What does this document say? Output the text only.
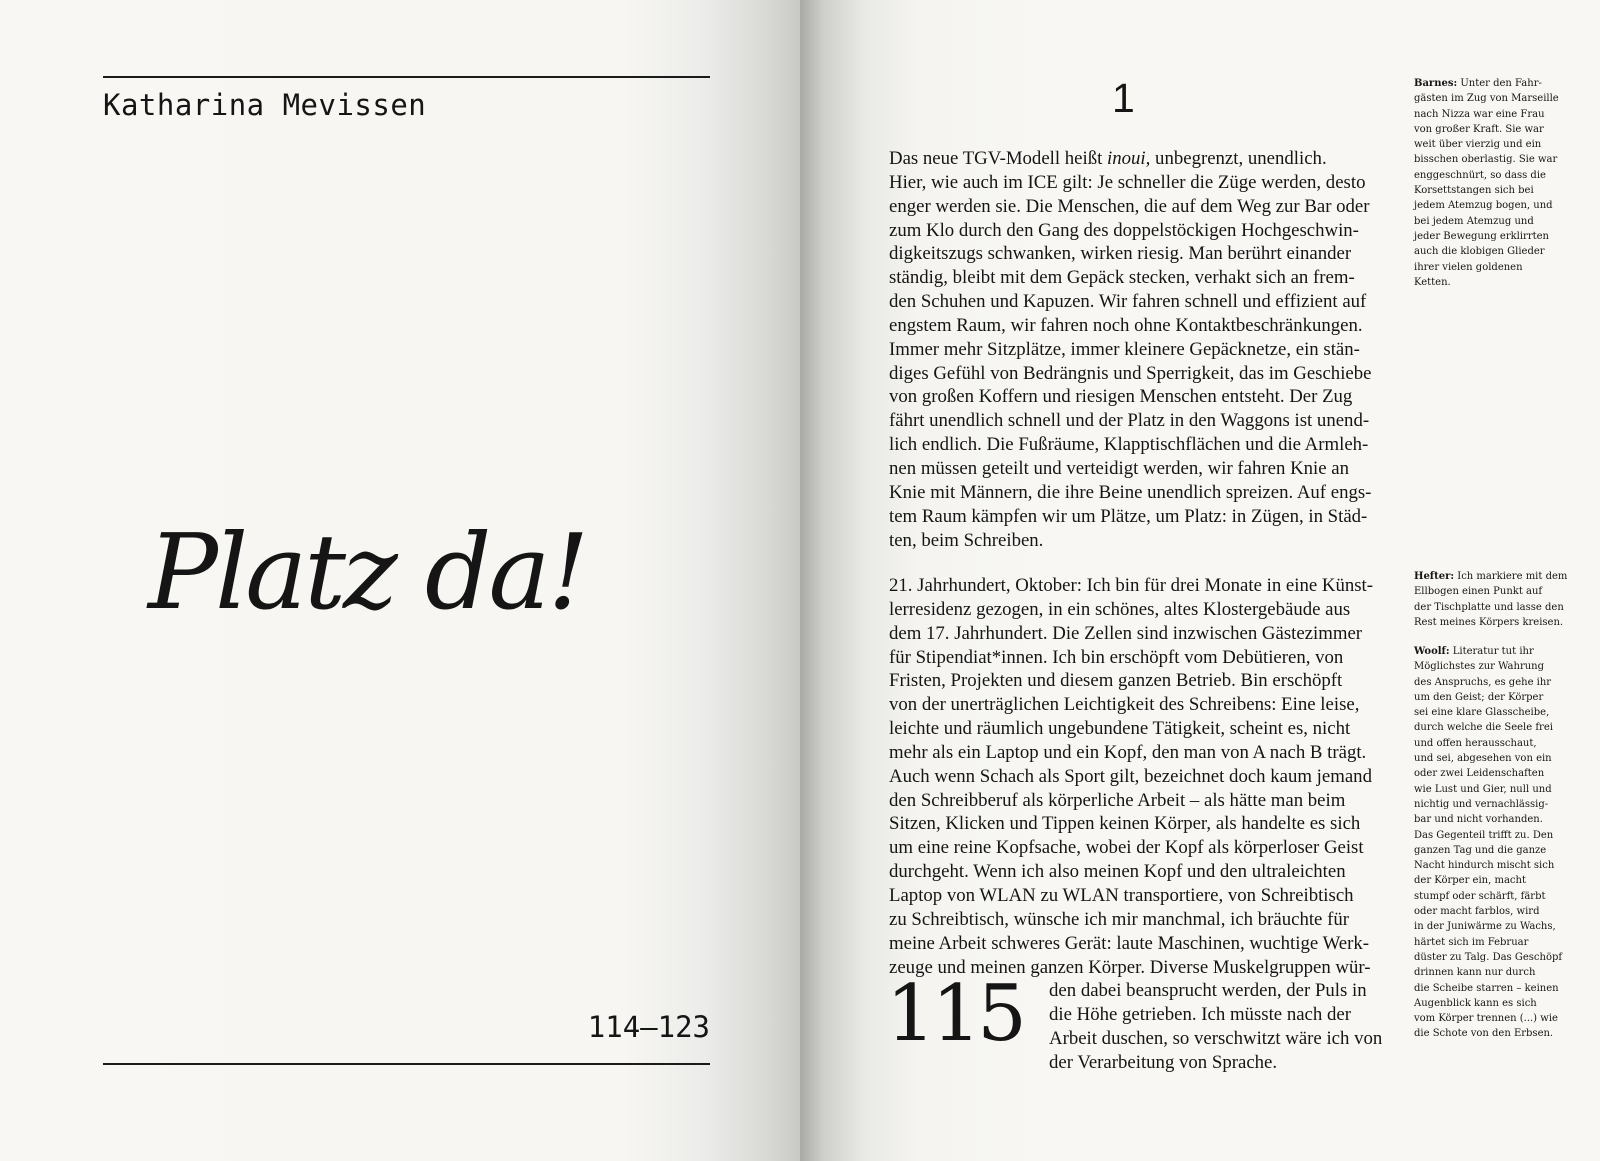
Katharina Mevissen
Platz da!
114–123
1
Das neue TGV-Modell heißt inoui, unbegrenzt, unendlich.
Hier, wie auch im ICE gilt: Je schneller die Züge werden, desto
enger werden sie. Die Menschen, die auf dem Weg zur Bar oder
zum Klo durch den Gang des doppelstöckigen Hochgeschwin-
digkeitszugs schwanken, wirken riesig. Man berührt einander
ständig, bleibt mit dem Gepäck stecken, verhakt sich an frem-
den Schuhen und Kapuzen. Wir fahren schnell und effizient auf
engstem Raum, wir fahren noch ohne Kontaktbeschränkungen.
Immer mehr Sitzplätze, immer kleinere Gepäcknetze, ein stän-
diges Gefühl von Bedrängnis und Sperrigkeit, das im Geschiebe
von großen Koffern und riesigen Menschen entsteht. Der Zug
fährt unendlich schnell und der Platz in den Waggons ist unend-
lich endlich. Die Fußräume, Klapptischflächen und die Armleh-
nen müssen geteilt und verteidigt werden, wir fahren Knie an
Knie mit Männern, die ihre Beine unendlich spreizen. Auf engs-
tem Raum kämpfen wir um Plätze, um Platz: in Zügen, in Städ-
ten, beim Schreiben.
21. Jahrhundert, Oktober: Ich bin für drei Monate in eine Künst-
lerresidenz gezogen, in ein schönes, altes Klostergebäude aus
dem 17. Jahrhundert. Die Zellen sind inzwischen Gästezimmer
für Stipendiat*innen. Ich bin erschöpft vom Debütieren, von
Fristen, Projekten und diesem ganzen Betrieb. Bin erschöpft
von der unerträglichen Leichtigkeit des Schreibens: Eine leise,
leichte und räumlich ungebundene Tätigkeit, scheint es, nicht
mehr als ein Laptop und ein Kopf, den man von A nach B trägt.
Auch wenn Schach als Sport gilt, bezeichnet doch kaum jemand
den Schreibberuf als körperliche Arbeit – als hätte man beim
Sitzen, Klicken und Tippen keinen Körper, als handelte es sich
um eine reine Kopfsache, wobei der Kopf als körperloser Geist
durchgeht. Wenn ich also meinen Kopf und den ultraleichten
Laptop von WLAN zu WLAN transportiere, von Schreibtisch
zu Schreibtisch, wünsche ich mir manchmal, ich bräuchte für
meine Arbeit schweres Gerät: laute Maschinen, wuchtige Werk-
zeuge und meinen ganzen Körper. Diverse Muskelgruppen wür-
den dabei beansprucht werden, der Puls in
die Höhe getrieben. Ich müsste nach der
Arbeit duschen, so verschwitzt wäre ich von
der Verarbeitung von Sprache.
115
Barnes: Unter den Fahr-
gästen im Zug von Marseille
nach Nizza war eine Frau
von großer Kraft. Sie war
weit über vierzig und ein
bisschen oberlastig. Sie war
enggeschnürt, so dass die
Korsettstangen sich bei
jedem Atemzug bogen, und
bei jedem Atemzug und
jeder Bewegung erklirrten
auch die klobigen Glieder
ihrer vielen goldenen
Ketten.
Hefter: Ich markiere mit dem
Ellbogen einen Punkt auf
der Tischplatte und lasse den
Rest meines Körpers kreisen.
Woolf: Literatur tut ihr
Möglichstes zur Wahrung
des Anspruchs, es gehe ihr
um den Geist; der Körper
sei eine klare Glasscheibe,
durch welche die Seele frei
und offen herausschaut,
und sei, abgesehen von ein
oder zwei Leidenschaften
wie Lust und Gier, null und
nichtig und vernachlässig-
bar und nicht vorhanden.
Das Gegenteil trifft zu. Den
ganzen Tag und die ganze
Nacht hindurch mischt sich
der Körper ein, macht
stumpf oder schärft, färbt
oder macht farblos, wird
in der Juniwärme zu Wachs,
härtet sich im Februar
düster zu Talg. Das Geschöpf
drinnen kann nur durch
die Scheibe starren – keinen
Augenblick kann es sich
vom Körper trennen (...) wie
die Schote von den Erbsen.
